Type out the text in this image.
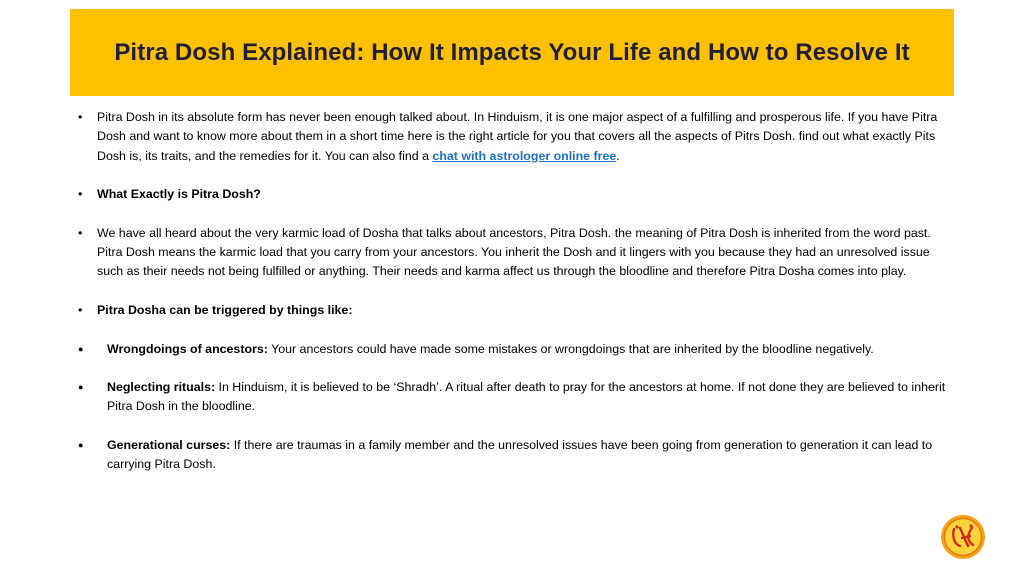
Pitra Dosh Explained: How It Impacts Your Life and How to Resolve It
•	Pitra Dosh in its absolute form has never been enough talked about. In Hinduism, it is one major aspect of a fulfilling and prosperous life. If you have Pitra Dosh and want to know more about them in a short time here is the right article for you that covers all the aspects of Pitrs Dosh. find out what exactly Pits Dosh is, its traits, and the remedies for it. You can also find a chat with astrologer online free.
•	What Exactly is Pitra Dosh?
•	We have all heard about the very karmic load of Dosha that talks about ancestors, Pitra Dosh. the meaning of Pitra Dosh is inherited from the word past. Pitra Dosh means the karmic load that you carry from your ancestors. You inherit the Dosh and it lingers with you because they had an unresolved issue such as their needs not being fulfilled or anything. Their needs and karma affect us through the bloodline and therefore Pitra Dosha comes into play.
•	Pitra Dosha can be triggered by things like:
●	Wrongdoings of ancestors: Your ancestors could have made some mistakes or wrongdoings that are inherited by the bloodline negatively.
●	Neglecting rituals: In Hinduism, it is believed to be ‘Shradh’. A ritual after death to pray for the ancestors at home. If not done they are believed to inherit Pitra Dosh in the bloodline.
●	Generational curses: If there are traumas in a family member and the unresolved issues have been going from generation to generation it can lead to carrying Pitra Dosh.
